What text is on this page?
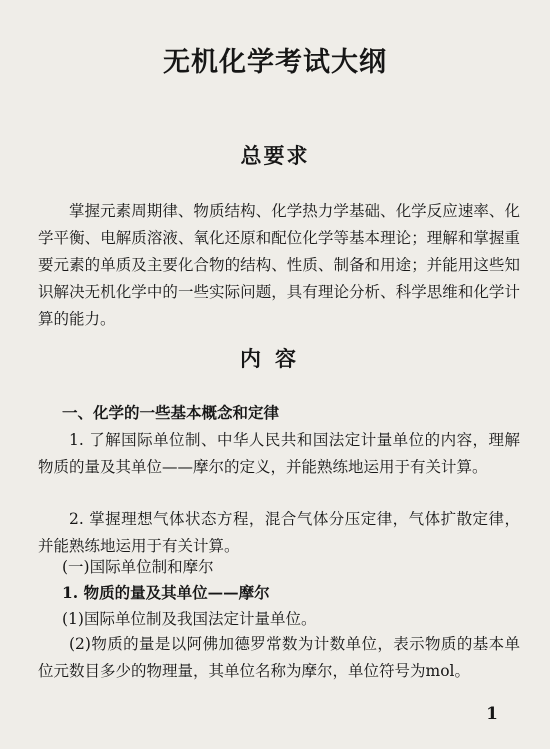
无机化学考试大纲
总要求

掌握元素周期律、物质结构、化学热力学基础、化学反应速率、化学平衡、电解质溶液、氧化还原和配位化学等基本理论；理解和掌握重要元素的单质及主要化合物的结构、性质、制备和用途；并能用这些知识解决无机化学中的一些实际问题，具有理论分析、科学思维和化学计算的能力。

内容
一、化学的一些基本概念和定律

1. 了解国际单位制、中华人民共和国法定计量单位的内容，理解物质的量及其单位——摩尔的定义，并能熟练地运用于有关计算。

2. 掌握理想气体状态方程，混合气体分压定律，气体扩散定律，并能熟练地运用于有关计算。

(一)国际单位制和摩尔
1. 物质的量及其单位——摩尔
(1)国际单位制及我国法定计量单位。

(2)物质的量是以阿佛加德罗常数为计数单位，表示物质的基本单位元数目多少的物理量，其单位名称为摩尔，单位符号为mol。

1
